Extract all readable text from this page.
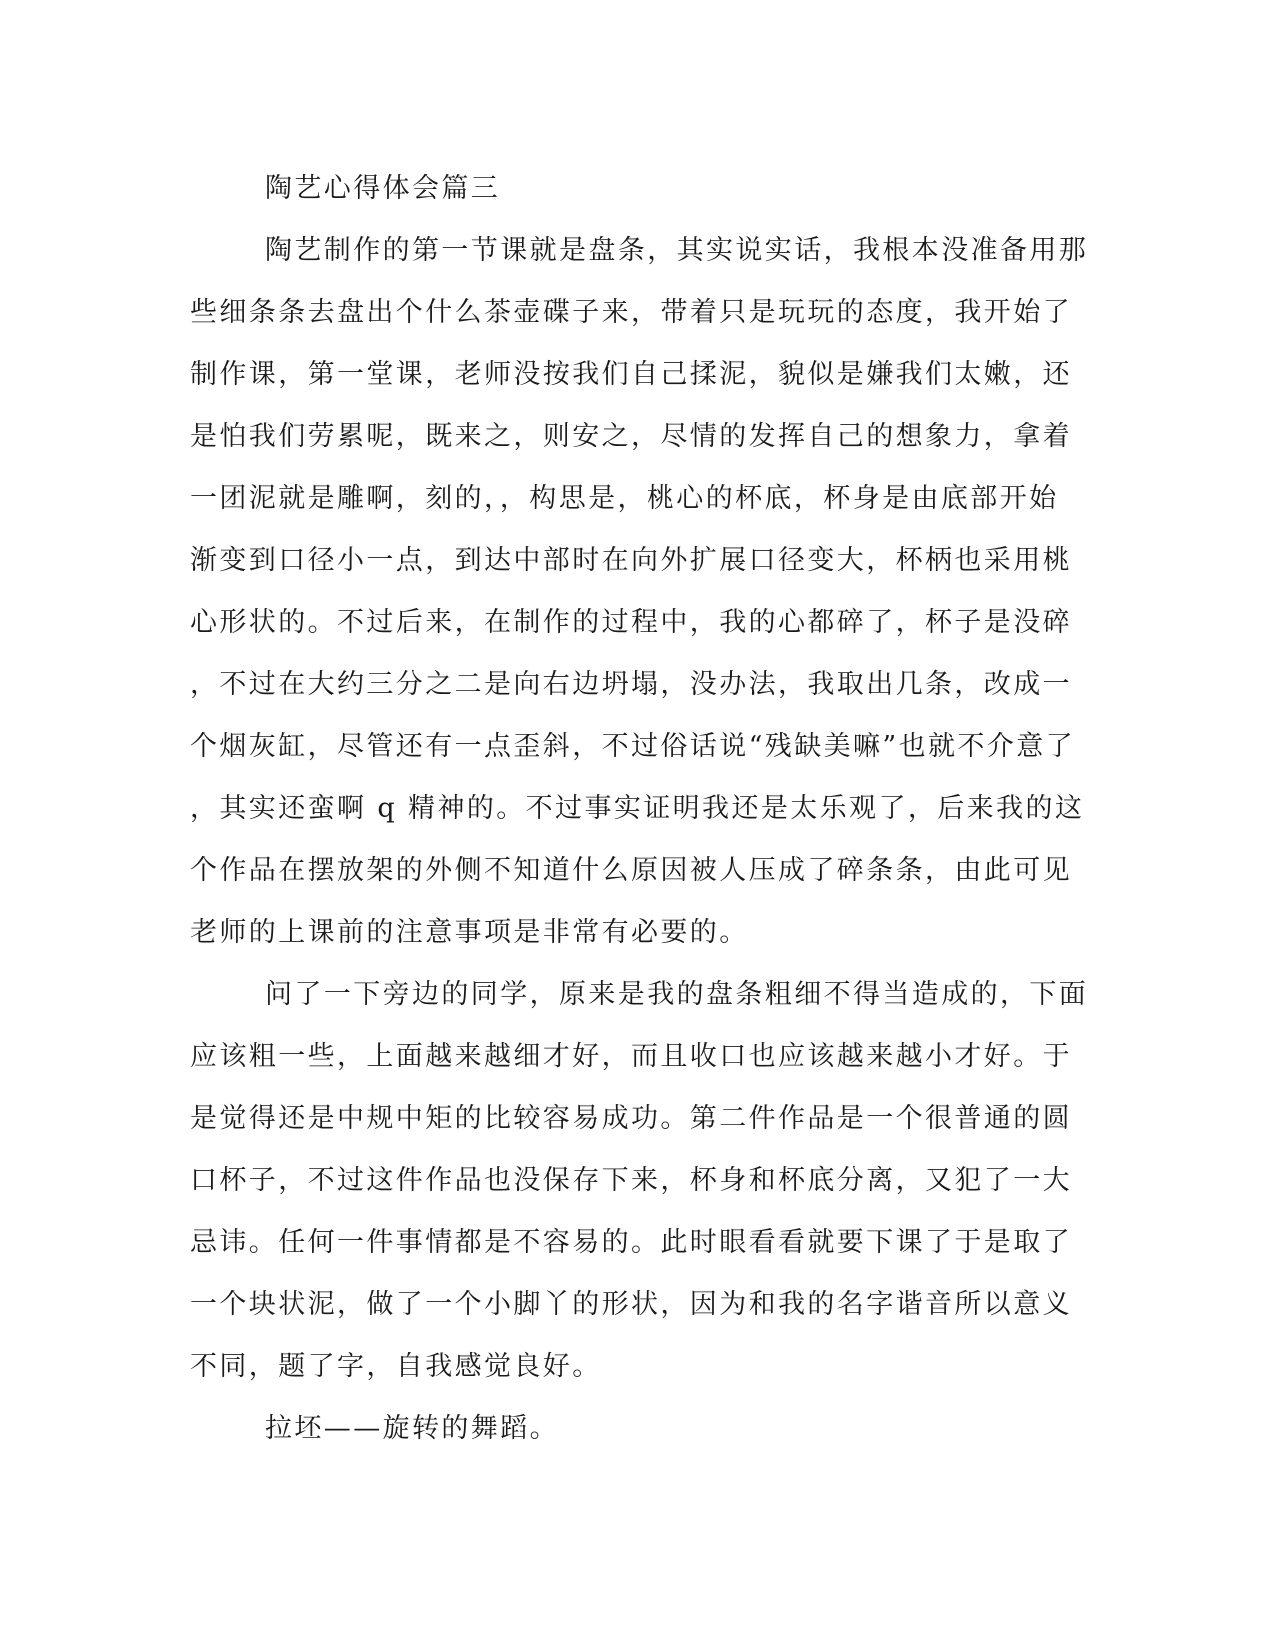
陶艺心得体会篇三
陶艺制作的第一节课就是盘条，其实说实话，我根本没准备用那
些细条条去盘出个什么茶壶碟子来，带着只是玩玩的态度，我开始了
制作课，第一堂课，老师没按我们自己揉泥，貌似是嫌我们太嫩，还
是怕我们劳累呢，既来之，则安之，尽情的发挥自己的想象力，拿着
一团泥就是雕啊，刻的，，构思是，桃心的杯底，杯身是由底部开始
渐变到口径小一点，到达中部时在向外扩展口径变大，杯柄也采用桃
心形状的。不过后来，在制作的过程中，我的心都碎了，杯子是没碎
，不过在大约三分之二是向右边坍塌，没办法，我取出几条，改成一
个烟灰缸，尽管还有一点歪斜，不过俗话说“残缺美嘛”也就不介意了
，其实还蛮啊 q 精神的。不过事实证明我还是太乐观了，后来我的这
个作品在摆放架的外侧不知道什么原因被人压成了碎条条，由此可见
老师的上课前的注意事项是非常有必要的。
问了一下旁边的同学，原来是我的盘条粗细不得当造成的，下面
应该粗一些，上面越来越细才好，而且收口也应该越来越小才好。于
是觉得还是中规中矩的比较容易成功。第二件作品是一个很普通的圆
口杯子，不过这件作品也没保存下来，杯身和杯底分离，又犯了一大
忌讳。任何一件事情都是不容易的。此时眼看看就要下课了于是取了
一个块状泥，做了一个小脚丫的形状，因为和我的名字谐音所以意义
不同，题了字，自我感觉良好。
拉坯——旋转的舞蹈。
